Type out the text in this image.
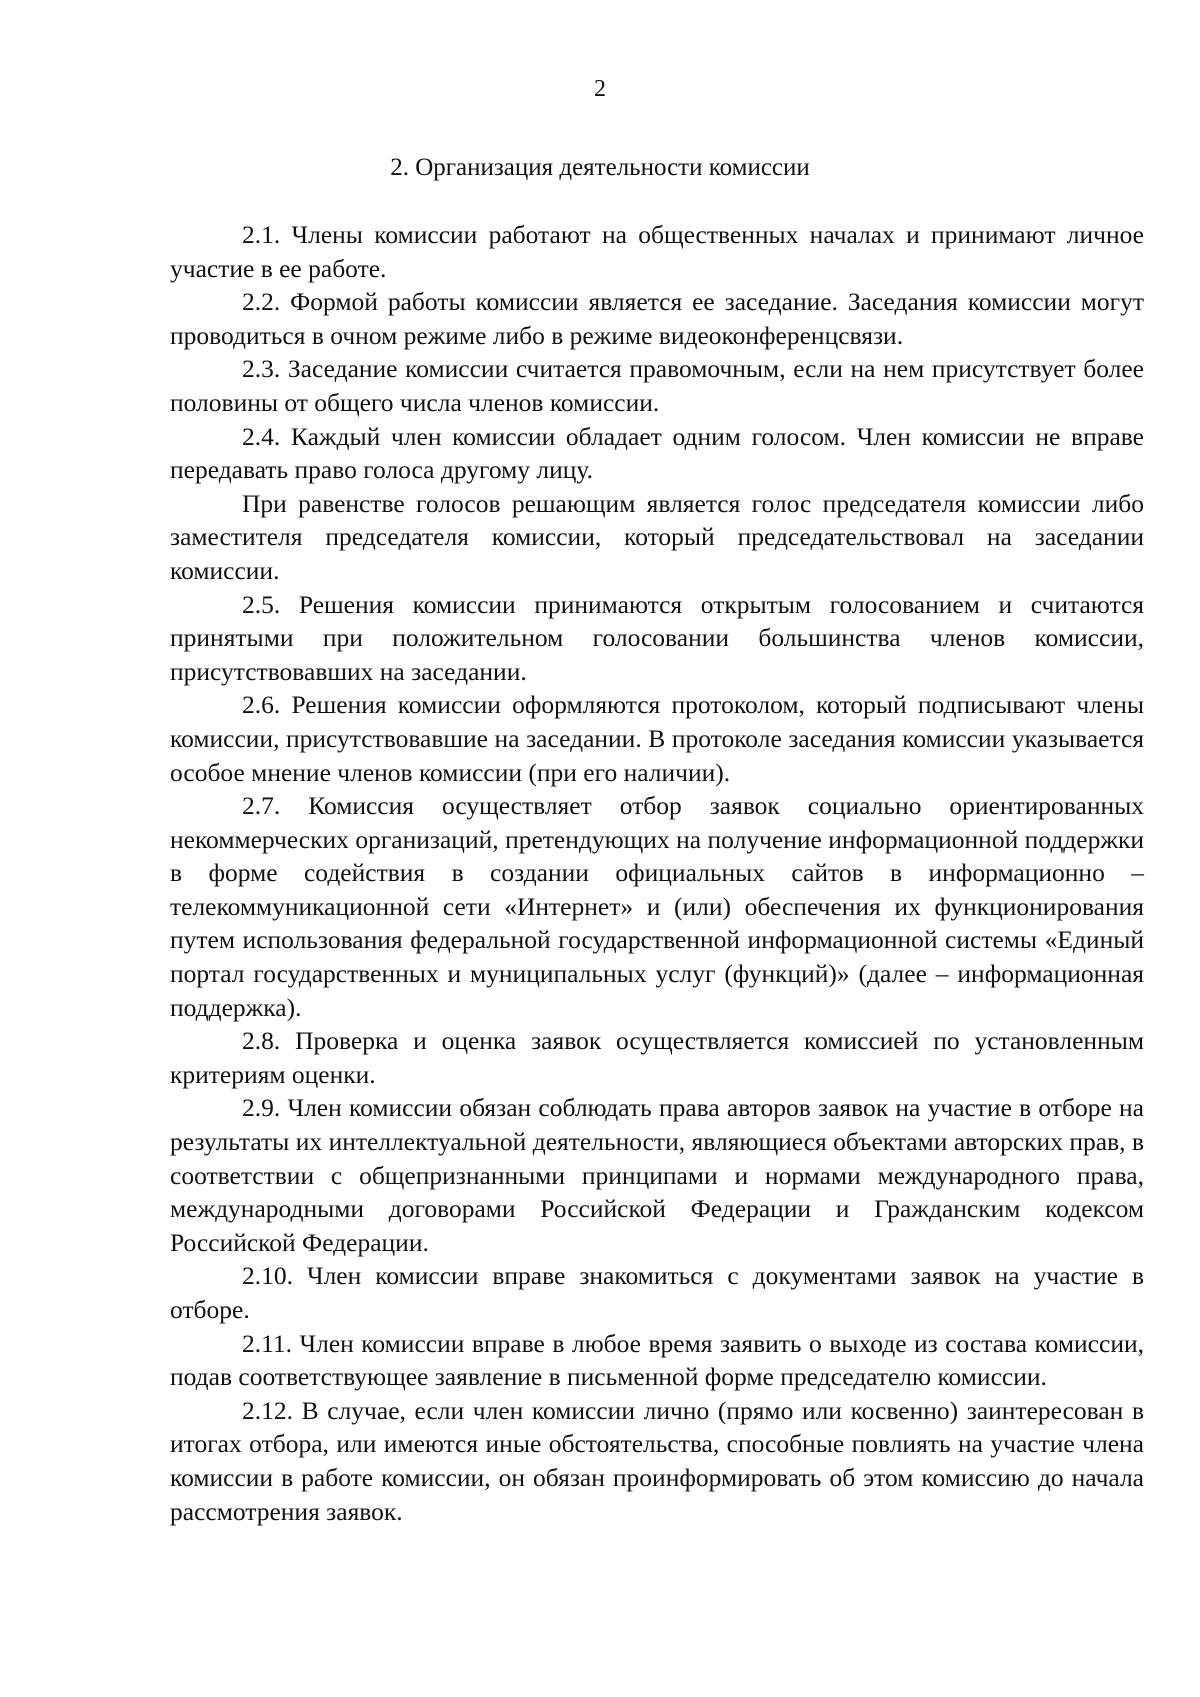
2
2. Организация деятельности комиссии

2.1. Члены комиссии работают на общественных началах и принимают личное участие в ее работе.

2.2. Формой работы комиссии является ее заседание. Заседания комиссии могут проводиться в очном режиме либо в режиме видеоконференцсвязи.

2.3. Заседание комиссии считается правомочным, если на нем присутствует более половины от общего числа членов комиссии.

2.4. Каждый член комиссии обладает одним голосом. Член комиссии не вправе передавать право голоса другому лицу.

При равенстве голосов решающим является голос председателя комиссии либо заместителя председателя комиссии, который председательствовал на заседании комиссии.

2.5. Решения комиссии принимаются открытым голосованием и считаются принятыми при положительном голосовании большинства членов комиссии, присутствовавших на заседании.

2.6. Решения комиссии оформляются протоколом, который подписывают члены комиссии, присутствовавшие на заседании. В протоколе заседания комиссии указывается особое мнение членов комиссии (при его наличии).

2.7. Комиссия осуществляет отбор заявок социально ориентированных некоммерческих организаций, претендующих на получение информационной поддержки в форме содействия в создании официальных сайтов в информационно – телекоммуникационной сети «Интернет» и (или) обеспечения их функционирования путем использования федеральной государственной информационной системы «Единый портал государственных и муниципальных услуг (функций)» (далее – информационная поддержка).

2.8. Проверка и оценка заявок осуществляется комиссией по установленным критериям оценки.

2.9. Член комиссии обязан соблюдать права авторов заявок на участие в отборе на результаты их интеллектуальной деятельности, являющиеся объектами авторских прав, в соответствии с общепризнанными принципами и нормами международного права, международными договорами Российской Федерации и Гражданским кодексом Российской Федерации.

2.10. Член комиссии вправе знакомиться с документами заявок на участие в отборе.

2.11. Член комиссии вправе в любое время заявить о выходе из состава комиссии, подав соответствующее заявление в письменной форме председателю комиссии.

2.12. В случае, если член комиссии лично (прямо или косвенно) заинтересован в итогах отбора, или имеются иные обстоятельства, способные повлиять на участие члена комиссии в работе комиссии, он обязан проинформировать об этом комиссию до начала рассмотрения заявок.
